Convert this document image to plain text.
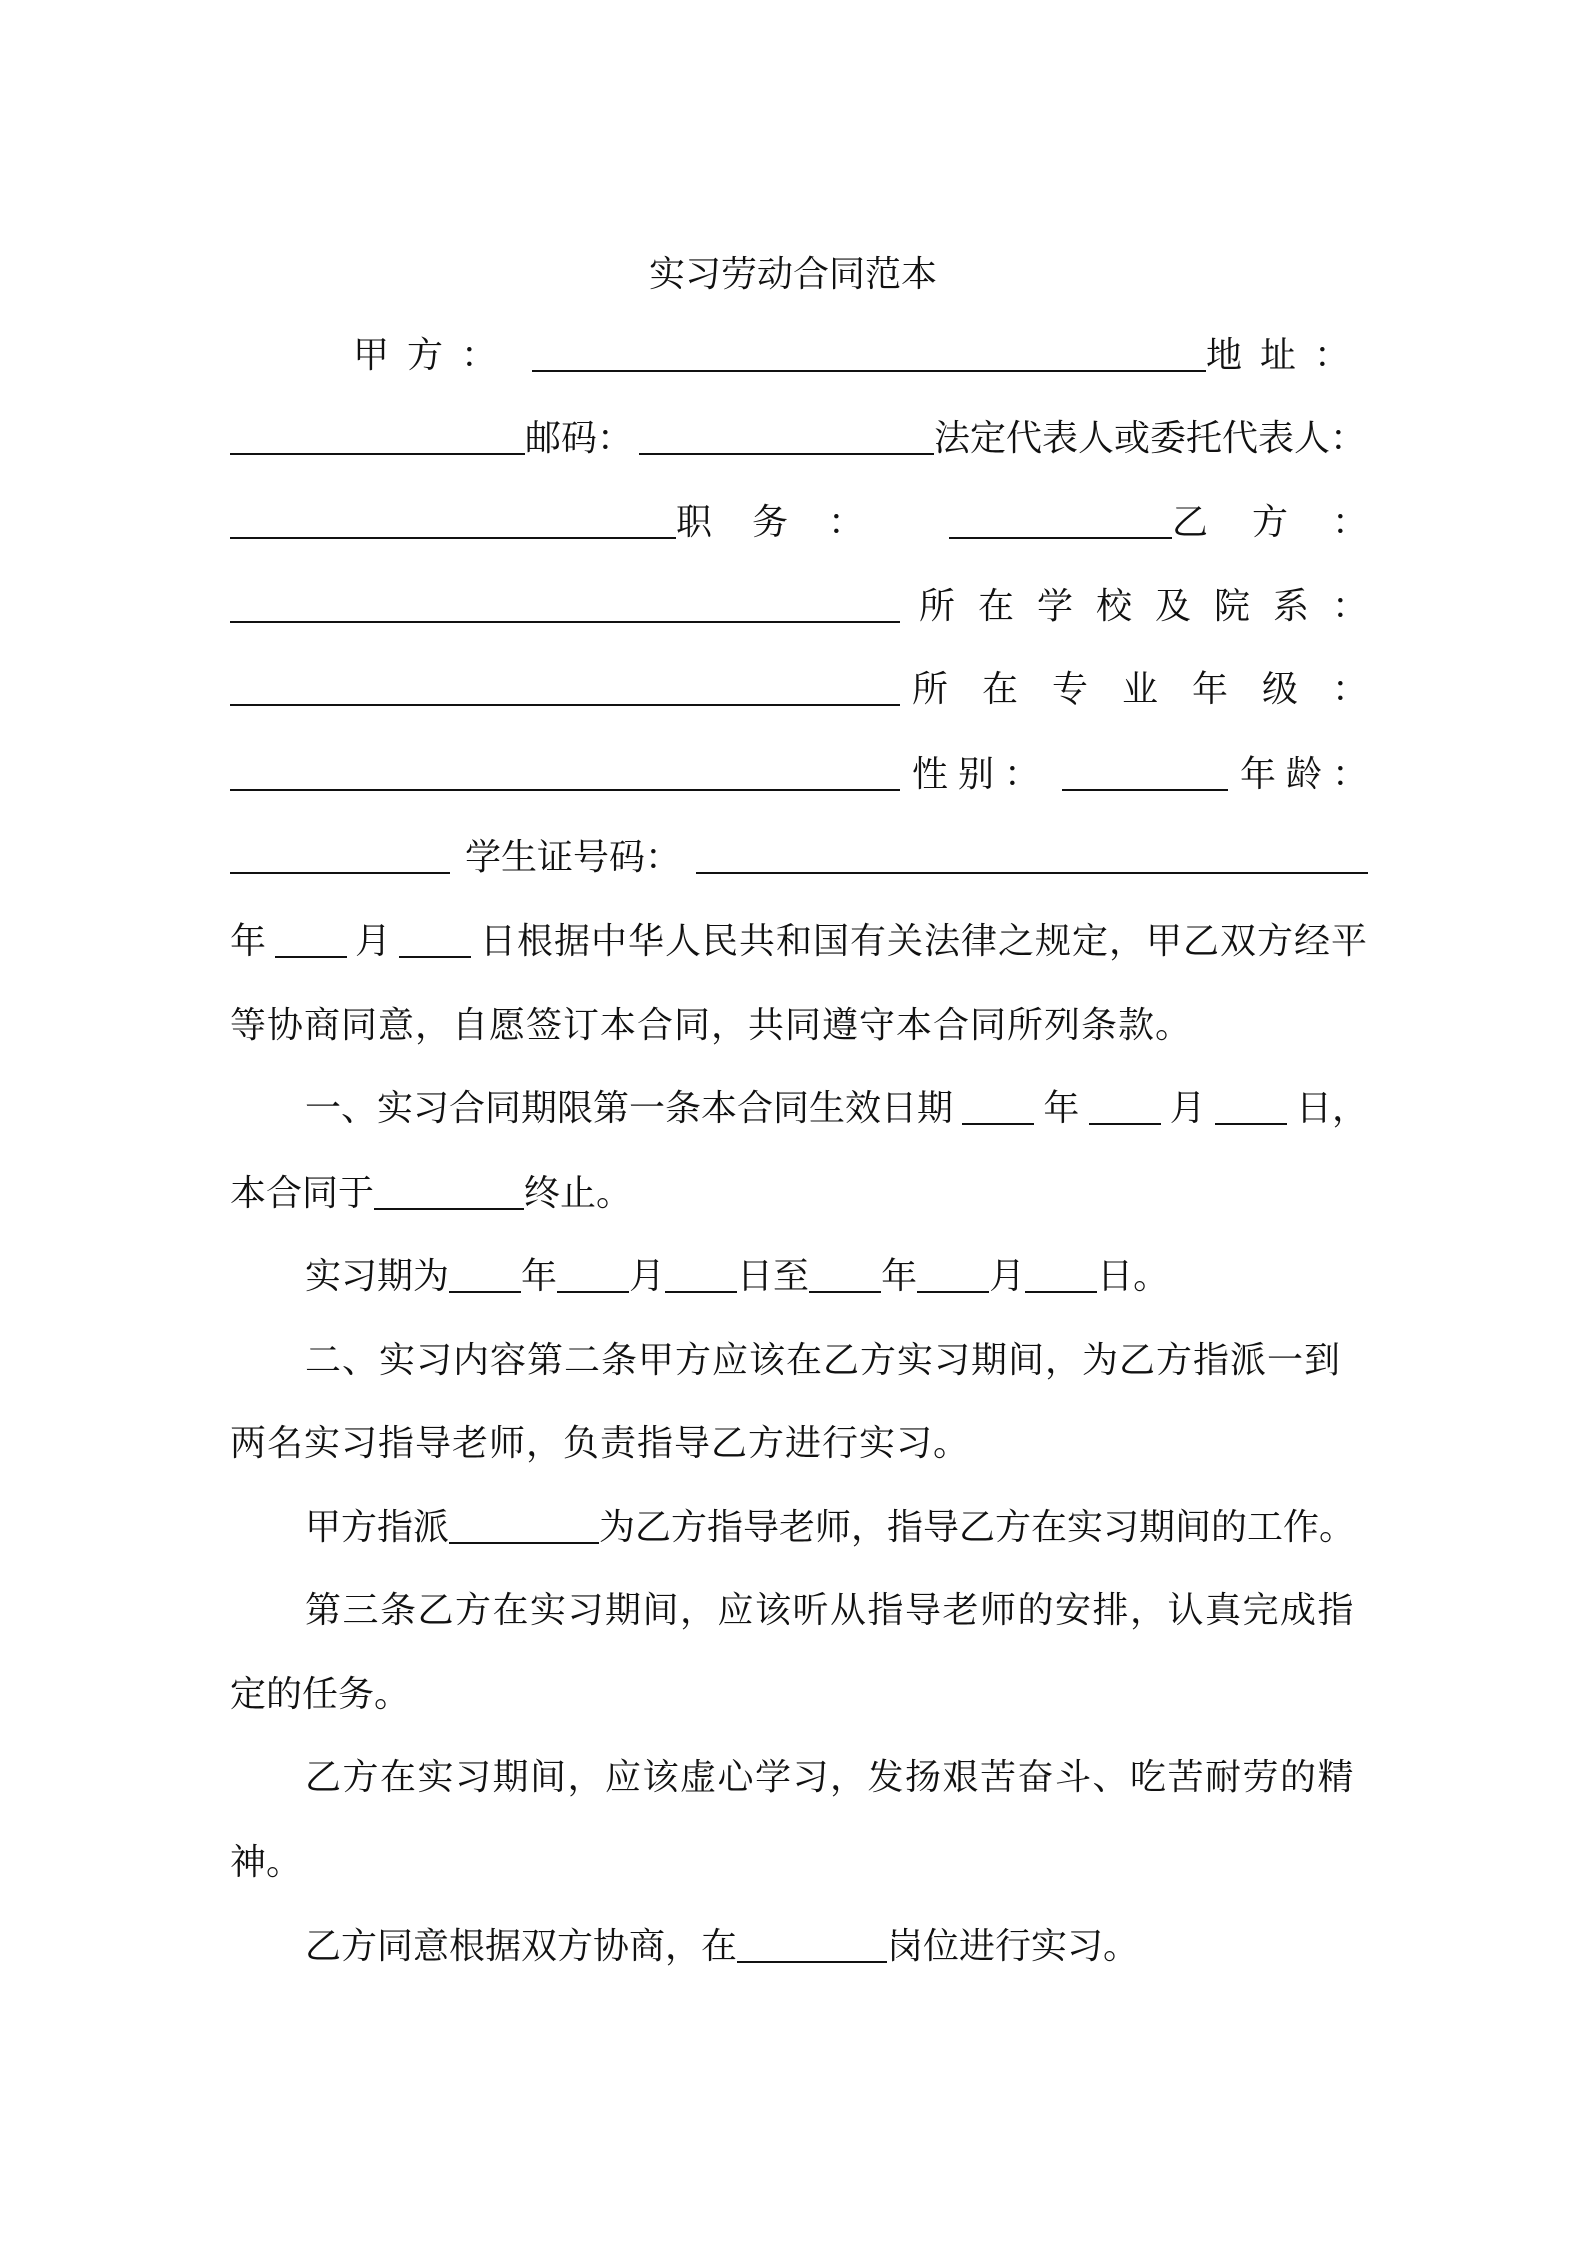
实习劳动合同范本
甲方：	地址：
邮码：	法定代表人或委托代表人：
职务：	乙方：
所在学校及院系：
所在专业年级：
性别：	年龄：
学生证号码：
年 月 日根据中华人民共和国有关法律之规定，甲乙双方经平
等协商同意，自愿签订本合同，共同遵守本合同所列条款。
一、实习合同期限第一条本合同生效日期	年	月	日，
本合同于	终止。
实习期为 年 月 日至 年 月 日。
二、实习内容第二条甲方应该在乙方实习期间，为乙方指派一到
两名实习指导老师，负责指导乙方进行实习。
甲方指派	为乙方指导老师，指导乙方在实习期间的工作。
第三条乙方在实习期间，应该听从指导老师的安排，认真完成指
定的任务。
乙方在实习期间，应该虚心学习，发扬艰苦奋斗、吃苦耐劳的精
神。
乙方同意根据双方协商，在	岗位进行实习。
